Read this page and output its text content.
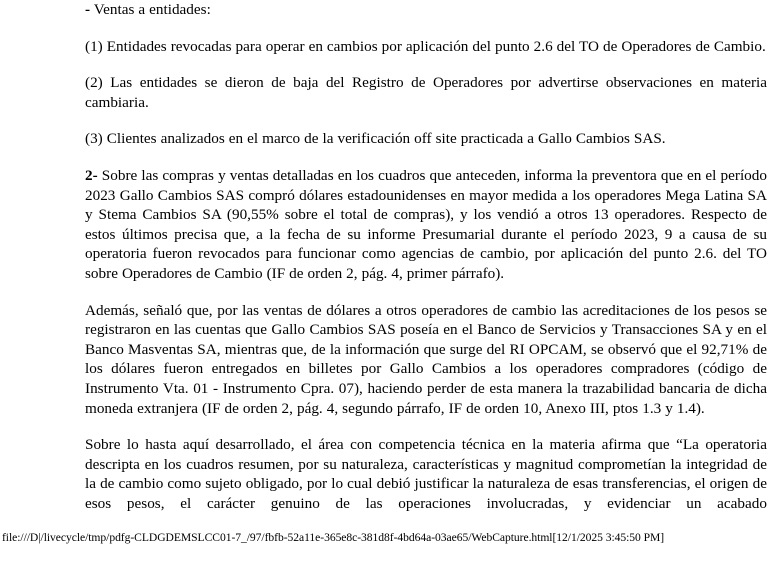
- Ventas a entidades:

(1) Entidades revocadas para operar en cambios por aplicación del punto 2.6 del TO de Operadores de Cambio.

(2) Las entidades se dieron de baja del Registro de Operadores por advertirse observaciones en materia cambiaria.

(3) Clientes analizados en el marco de la verificación off site practicada a Gallo Cambios SAS.

2- Sobre las compras y ventas detalladas en los cuadros que anteceden, informa la preventora que en el período 2023 Gallo Cambios SAS compró dólares estadounidenses en mayor medida a los operadores Mega Latina SA y Stema Cambios SA (90,55% sobre el total de compras), y los vendió a otros 13 operadores. Respecto de estos últimos precisa que, a la fecha de su informe Presumarial durante el período 2023, 9 a causa de su operatoria fueron revocados para funcionar como agencias de cambio, por aplicación del punto 2.6. del TO sobre Operadores de Cambio (IF de orden 2, pág. 4, primer párrafo).

Además, señaló que, por las ventas de dólares a otros operadores de cambio las acreditaciones de los pesos se registraron en las cuentas que Gallo Cambios SAS poseía en el Banco de Servicios y Transacciones SA y en el Banco Masventas SA, mientras que, de la información que surge del RI OPCAM, se observó que el 92,71% de los dólares fueron entregados en billetes por Gallo Cambios a los operadores compradores (código de Instrumento Vta. 01 - Instrumento Cpra. 07), haciendo perder de esta manera la trazabilidad bancaria de dicha moneda extranjera (IF de orden 2, pág. 4, segundo párrafo, IF de orden 10, Anexo III, ptos 1.3 y 1.4).

Sobre lo hasta aquí desarrollado, el área con competencia técnica en la materia afirma que “La operatoria descripta en los cuadros resumen, por su naturaleza, características y magnitud comprometían la integridad de la de cambio como sujeto obligado, por lo cual debió justificar la naturaleza de esas transferencias, el origen de esos pesos, el carácter genuino de las operaciones involucradas, y evidenciar un acabado

file:///D|/livecycle/tmp/pdfg-CLDGDEMSLCC01-7_/97/fbfb-52a11e-365e8c-381d8f-4bd64a-03ae65/WebCapture.html[12/1/2025 3:45:50 PM]
